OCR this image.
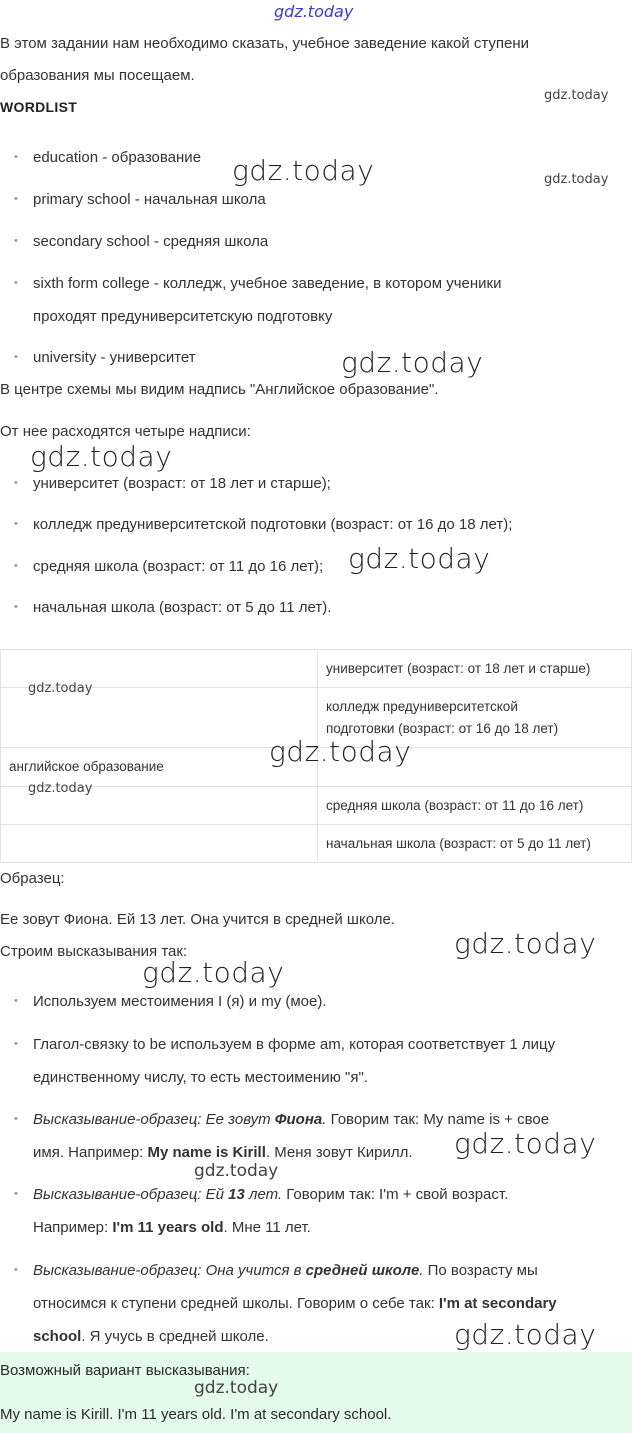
gdz.today

В этом задании нам необходимо сказать, учебное заведение какой ступени

образования мы посещаем.

WORDLIST
• education - образование
• primary school - начальная школа
• secondary school - средняя школа
• sixth form college - колледж, учебное заведение, в котором ученики
проходят предуниверситетскую подготовку
• university - университет

В центре схемы мы видим надпись "Английское образование".

От нее расходятся четыре надписи:

• университет (возраст: от 18 лет и старше);
• колледж предуниверситетской подготовки (возраст: от 16 до 18 лет);
• средняя школа (возраст: от 11 до 16 лет);
• начальная школа (возраст: от 5 до 11 лет).
	университет (возраст: от 18 лет и старше)

	колледж предуниверситетской
подготовки (возраст: от 16 до 18 лет)

английское образование	
	средняя школа (возраст: от 11 до 16 лет)
	начальная школа (возраст: от 5 до 11 лет)

Образец:

Ее зовут Фиона. Ей 13 лет. Она учится в средней школе.

Строим высказывания так:

• Используем местоимения I (я) и my (мое).
• Глагол-связку to be используем в форме am, которая соответствует 1 лицу
единственному числу, то есть местоимению "я".
• Высказывание-образец: Ее зовут Фиона. Говорим так: My name is + свое
имя. Например: My name is Kirill. Меня зовут Кирилл.
• Высказывание-образец: Ей 13 лет. Говорим так: I'm + свой возраст.
Например: I'm 11 years old. Мне 11 лет.
• Высказывание-образец: Она учится в средней школе. По возрасту мы
относимся к ступени средней школы. Говорим о себе так: I'm at secondary
school. Я учусь в средней школе.

Возможный вариант высказывания:

My name is Kirill. I'm 11 years old. I'm at secondary school.

gdz.today
gdz.today
gdz.today
gdz.today
gdz.today
gdz.today
gdz.today
gdz.today
gdz.today
gdz.today
gdz.today
gdz.today
gdz.today
gdz.today
gdz.today
